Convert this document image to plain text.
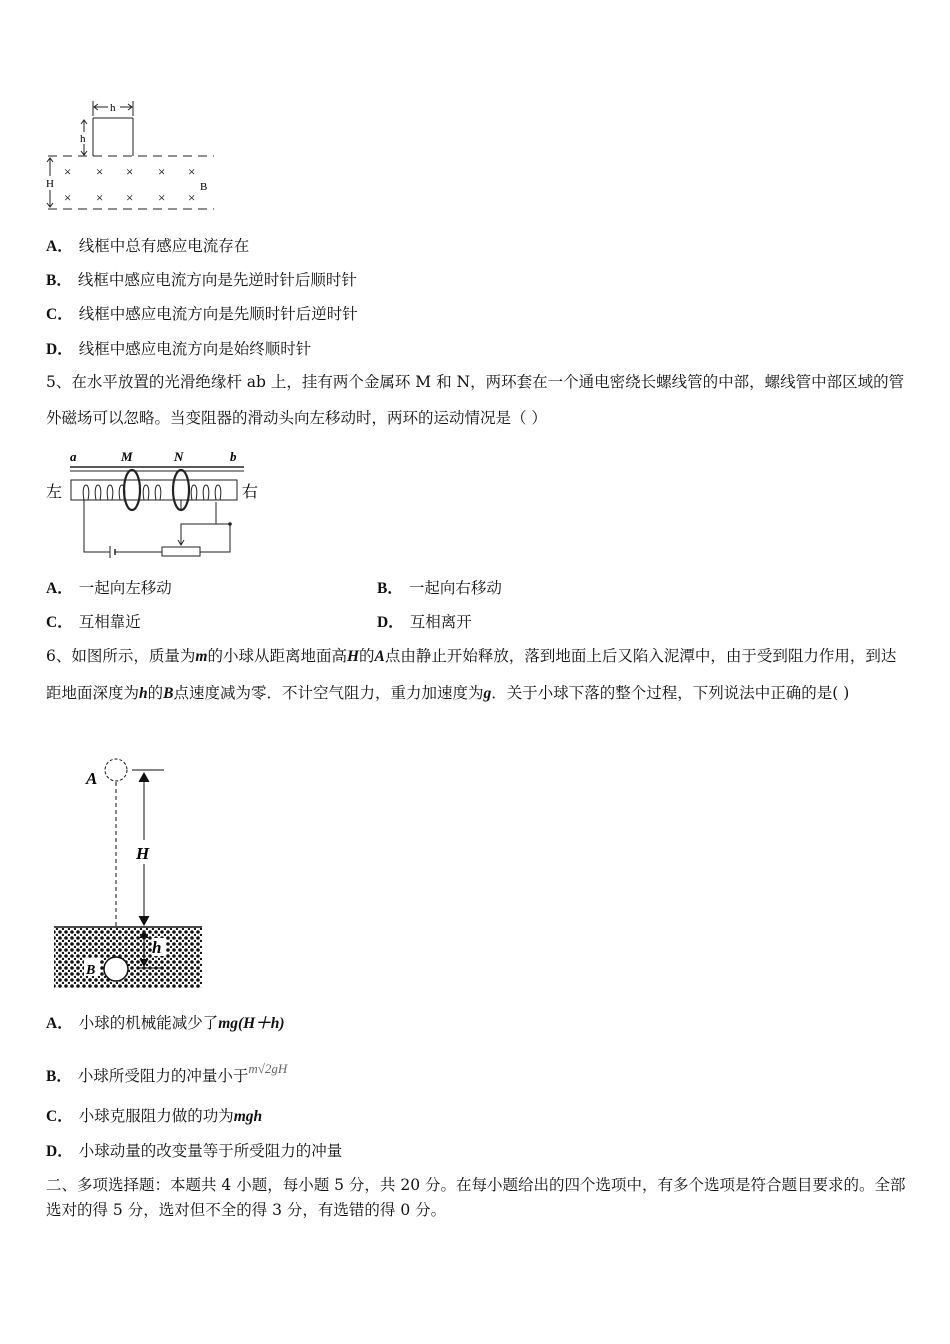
h
h
H	B
× × × × ×
× × × × ×
A． 线框中总有感应电流存在
B． 线框中感应电流方向是先逆时针后顺时针
C． 线框中感应电流方向是先顺时针后逆时针
D． 线框中感应电流方向是始终顺时针
5、在水平放置的光滑绝缘杆 ab 上，挂有两个金属环 M 和 N，两环套在一个通电密绕长螺线管的中部，螺线管中部区域的管外磁场可以忽略。当变阻器的滑动头向左移动时，两环的运动情况是（ ）
a	M	N	b
左	右
A． 一起向左移动	B． 一起向右移动
C． 互相靠近	D． 互相离开
6、如图所示，质量为m的小球从距离地面高H的A点由静止开始释放，落到地面上后又陷入泥潭中，由于受到阻力作用，到达距地面深度为h的B点速度减为零．不计空气阻力，重力加速度为g．关于小球下落的整个过程，下列说法中正确的是( )
A
H
h
B
A． 小球的机械能减少了mg(H＋h)
B． 小球所受阻力的冲量小于$^{m√2gH}$
C． 小球克服阻力做的功为mgh
D． 小球动量的改变量等于所受阻力的冲量
二、多项选择题：本题共 4 小题，每小题 5 分，共 20 分。在每小题给出的四个选项中，有多个选项是符合题目要求的。全部选对的得 5 分，选对但不全的得 3 分，有选错的得 0 分。
